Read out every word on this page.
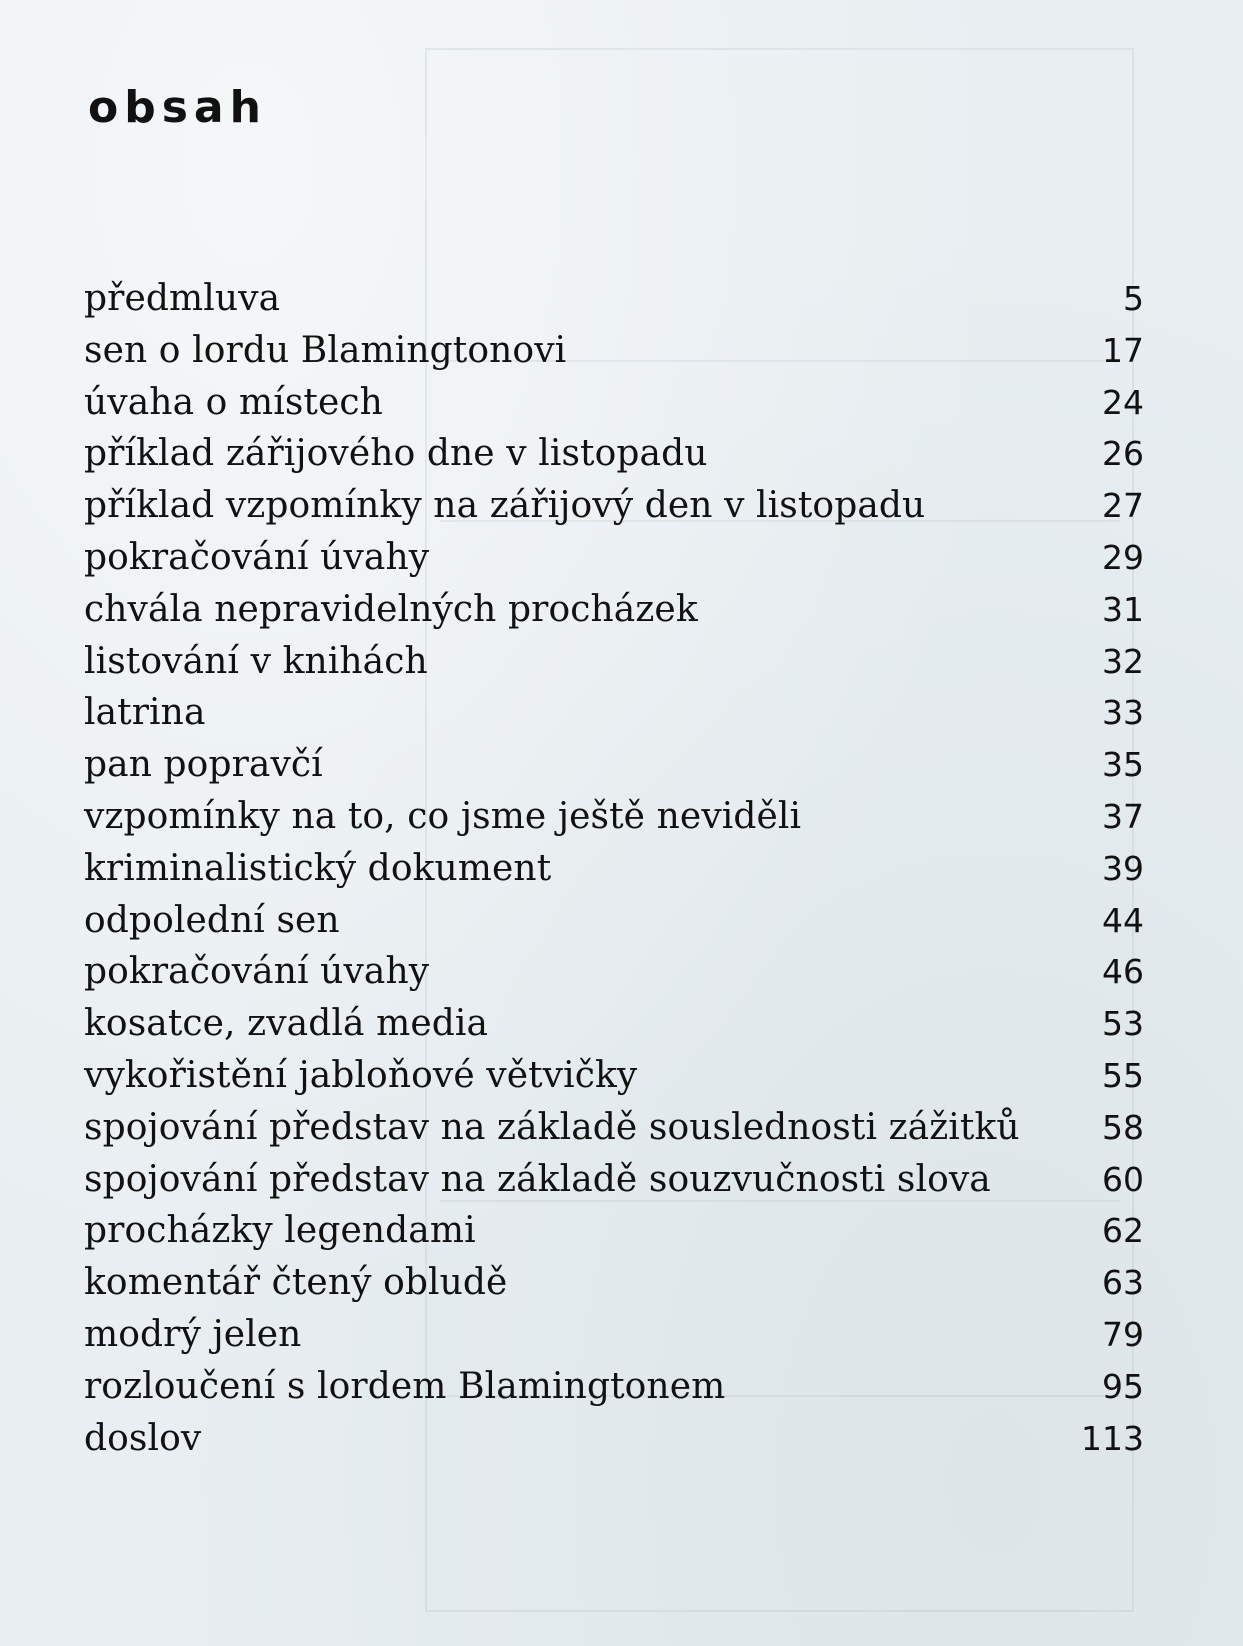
obsah
předmluva	5
sen o lordu Blamingtonovi	17
úvaha o místech	24
příklad zářijového dne v listopadu	26
příklad vzpomínky na zářijový den v listopadu	27
pokračování úvahy	29
chvála nepravidelných procházek	31
listování v knihách	32
latrina	33
pan popravčí	35
vzpomínky na to, co jsme ještě neviděli	37
kriminalistický dokument	39
odpolední sen	44
pokračování úvahy	46
kosatce, zvadlá media	53
vykořistění jabloňové větvičky	55
spojování představ na základě souslednosti zážitků	58
spojování představ na základě souzvučnosti slova	60
procházky legendami	62
komentář čtený obludě	63
modrý jelen	79
rozloučení s lordem Blamingtonem	95
doslov	113
